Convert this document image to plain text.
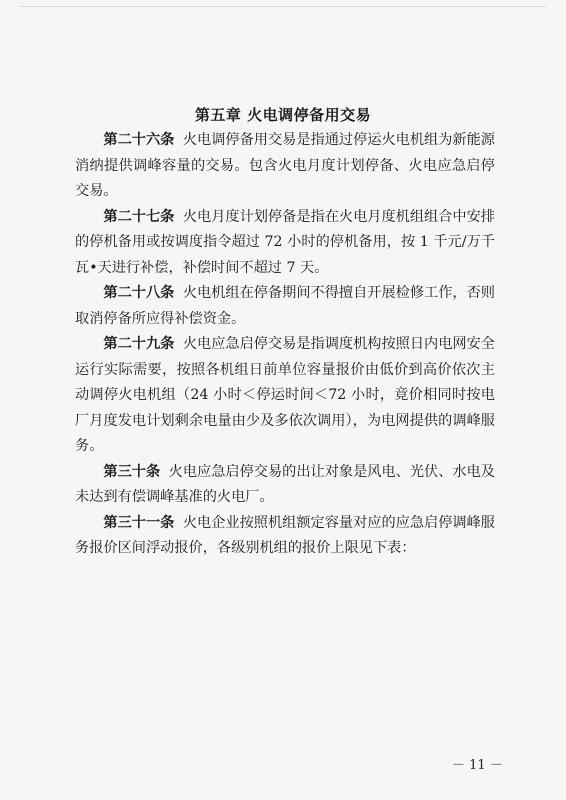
第五章 火电调停备用交易

第二十六条 火电调停备用交易是指通过停运火电机组为新能源消纳提供调峰容量的交易。包含火电月度计划停备、火电应急启停交易。

第二十七条 火电月度计划停备是指在火电月度机组组合中安排的停机备用或按调度指令超过 72 小时的停机备用，按 1 千元/万千瓦•天进行补偿，补偿时间不超过 7 天。

第二十八条 火电机组在停备期间不得擅自开展检修工作，否则取消停备所应得补偿资金。

第二十九条 火电应急启停交易是指调度机构按照日内电网安全运行实际需要，按照各机组日前单位容量报价由低价到高价依次主动调停火电机组（24 小时＜停运时间＜72 小时，竟价相同时按电厂月度发电计划剩余电量由少及多依次调用），为电网提供的调峰服务。

第三十条 火电应急启停交易的出让对象是风电、光伏、水电及未达到有偿调峰基准的火电厂。

第三十一条 火电企业按照机组额定容量对应的应急启停调峰服务报价区间浮动报价，各级别机组的报价上限见下表：

－ 11 －
